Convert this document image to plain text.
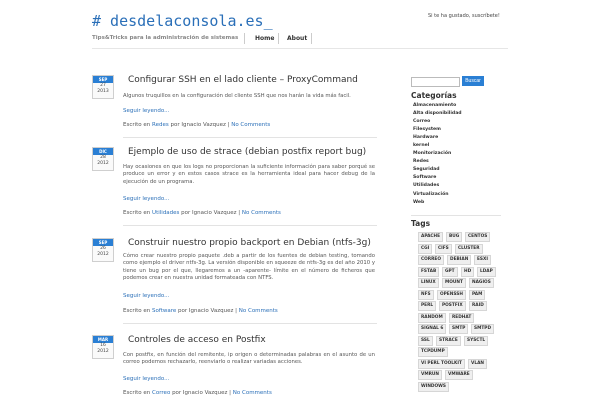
# desdelaconsola.es_	Si te ha gustado, suscríbete!
Tips&Tricks para la administración de sistemas	Home About
SEP
27
2013
Configurar SSH en el lado cliente – ProxyCommand
Algunos truquillos en la configuración del cliente SSH que nos harán la vida más facil.
Seguir leyendo...
Escrito en Redes por Ignacio Vazquez | No Comments
DIC
28
2012
Ejemplo de uso de strace (debian postfix report bug)
Hay ocasiones en que los logs no proporcionan la suficiente información para saber porqué se produce un error y en estos casos strace es la herramienta ideal para hacer debug de la ejecución de un programa.
Seguir leyendo...
Escrito en Utilidades por Ignacio Vazquez | No Comments
SEP
26
2012
Construir nuestro propio backport en Debian (ntfs-3g)
Cómo crear nuestro propio paquete .deb a partir de los fuentes de debian testing, tomando como ejemplo el driver ntfs-3g. La versión disponible en squeeze de ntfs-3g es del año 2010 y tiene un bug por el que, llegaremos a un -aparente- límite en el número de ficheros que podemos crear en nuestra unidad formateada con NTFS.
Seguir leyendo...
Escrito en Software por Ignacio Vazquez | No Comments
MAR
16
2012
Controles de acceso en Postfix
Con postfix, en función del remitente, ip origen o determinadas palabras en el asunto de un correo podemos rechazarlo, reenviarlo o realizar variadas acciones.
Seguir leyendo...
Escrito en Correo por Ignacio Vazquez | No Comments
Buscar
Categorías
Almacenamiento
Alta disponibilidad
Correo
Filesystem
Hardware
kernel
Monitorización
Redes
Seguridad
Software
Utilidades
Virtualización
Web
Tags
APACHE	BUG	CENTOS
CGI	CIFS	CLUSTER
CORREO	DEBIAN	ESXI
FSTAB	GPT	HD	LDAP
LINUX	MOUNT	NAGIOS
NFS	OPENSSH	PAM
PERL	POSTFIX	RAID
RANDOM	REDHAT
SIGNAL 6	SMTP	SMTPD
SSL	STRACE	SYSCTL
TCPDUMP
VI PERL TOOLKIT	VLAN
VMRUN	VMWARE
WINDOWS
